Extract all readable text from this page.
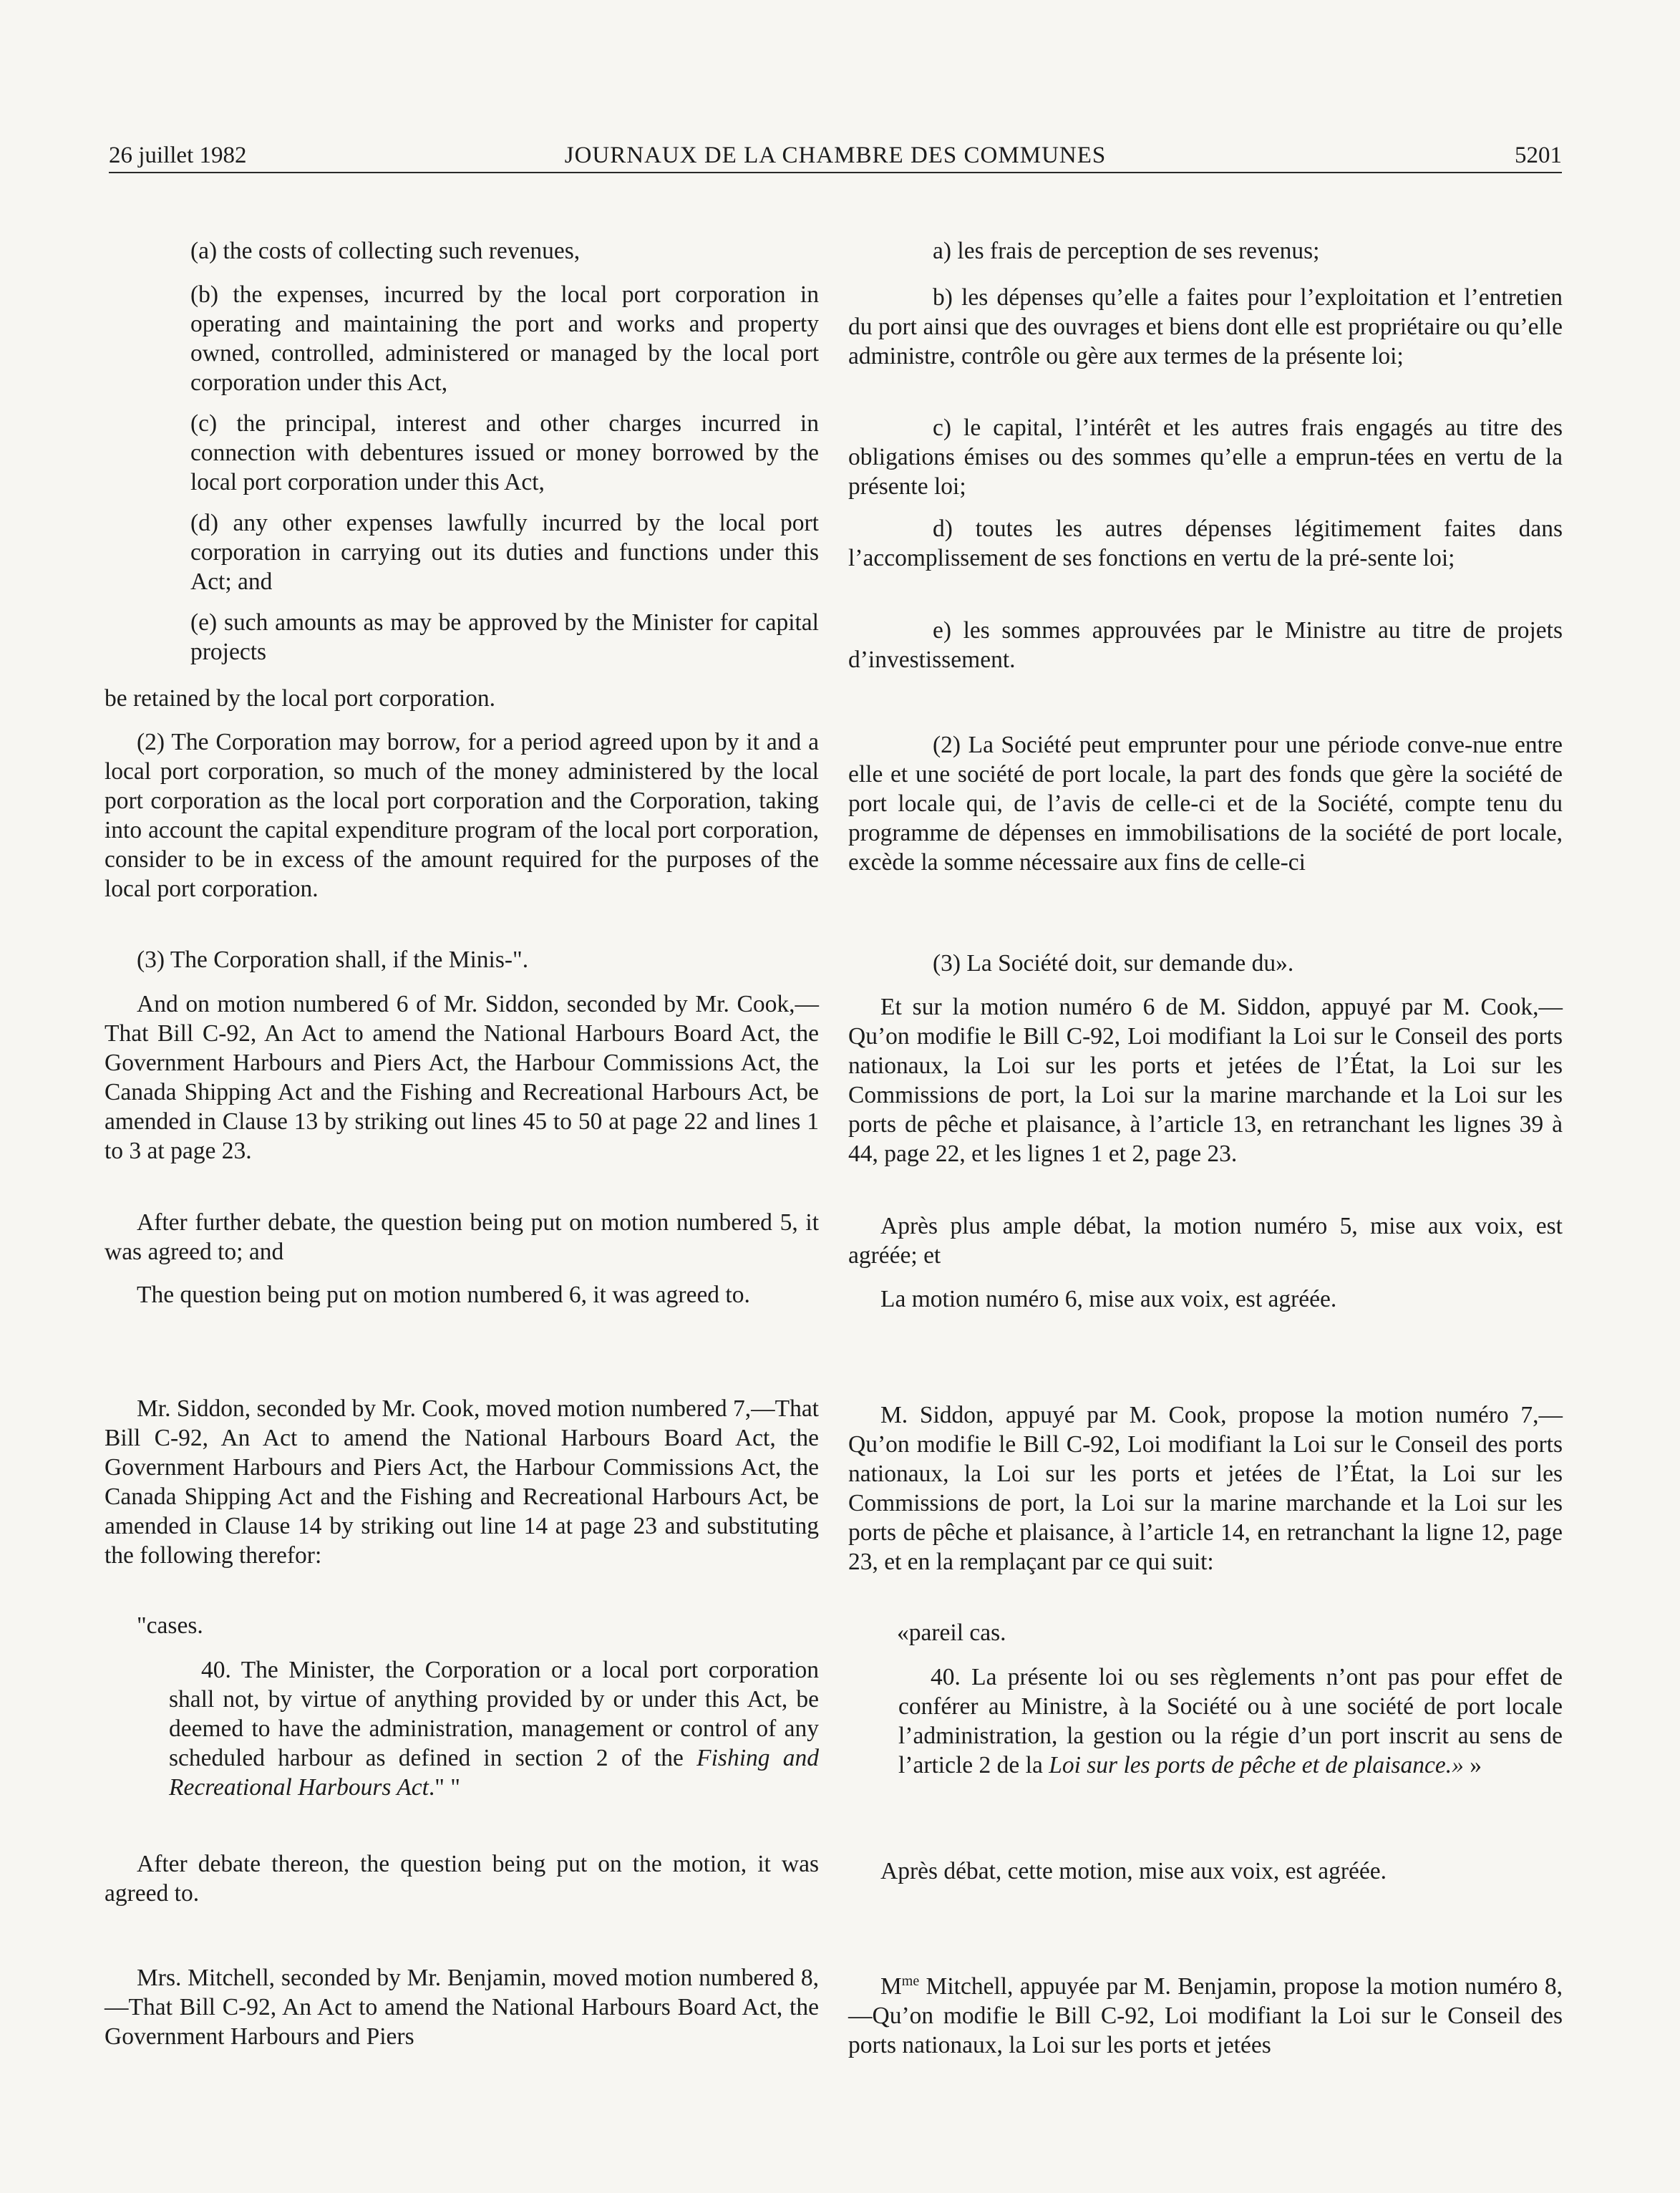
26 juillet 1982	JOURNAUX DE LA CHAMBRE DES COMMUNES	5201

(a) the costs of collecting such revenues,

(b) the expenses, incurred by the local port corporation in operating and maintaining the port and works and property owned, controlled, administered or managed by the local port corporation under this Act,

(c) the principal, interest and other charges incurred in connection with debentures issued or money borrowed by the local port corporation under this Act,

(d) any other expenses lawfully incurred by the local port corporation in carrying out its duties and functions under this Act; and

(e) such amounts as may be approved by the Minister for capital projects

be retained by the local port corporation.

(2) The Corporation may borrow, for a period agreed upon by it and a local port corporation, so much of the money administered by the local port corporation as the local port corporation and the Corporation, taking into account the capital expenditure program of the local port corporation, consider to be in excess of the amount required for the purposes of the local port corporation.

(3) The Corporation shall, if the Minis-".

And on motion numbered 6 of Mr. Siddon, seconded by Mr. Cook,—That Bill C-92, An Act to amend the National Harbours Board Act, the Government Harbours and Piers Act, the Harbour Commissions Act, the Canada Shipping Act and the Fishing and Recreational Harbours Act, be amended in Clause 13 by striking out lines 45 to 50 at page 22 and lines 1 to 3 at page 23.

After further debate, the question being put on motion numbered 5, it was agreed to; and

The question being put on motion numbered 6, it was agreed to.

Mr. Siddon, seconded by Mr. Cook, moved motion numbered 7,—That Bill C-92, An Act to amend the National Harbours Board Act, the Government Harbours and Piers Act, the Harbour Commissions Act, the Canada Shipping Act and the Fishing and Recreational Harbours Act, be amended in Clause 14 by striking out line 14 at page 23 and substituting the following therefor:

"cases.

40. The Minister, the Corporation or a local port corporation shall not, by virtue of anything provided by or under this Act, be deemed to have the administration, management or control of any scheduled harbour as defined in section 2 of the Fishing and Recreational Harbours Act." "

After debate thereon, the question being put on the motion, it was agreed to.

Mrs. Mitchell, seconded by Mr. Benjamin, moved motion numbered 8,—That Bill C-92, An Act to amend the National Harbours Board Act, the Government Harbours and Piers

a) les frais de perception de ses revenus;

b) les dépenses qu’elle a faites pour l’exploitation et l’entretien du port ainsi que des ouvrages et biens dont elle est propriétaire ou qu’elle administre, contrôle ou gère aux termes de la présente loi;

c) le capital, l’intérêt et les autres frais engagés au titre des obligations émises ou des sommes qu’elle a emprun-tées en vertu de la présente loi;

d) toutes les autres dépenses légitimement faites dans l’accomplissement de ses fonctions en vertu de la pré-sente loi;

e) les sommes approuvées par le Ministre au titre de projets d’investissement.

(2) La Société peut emprunter pour une période conve-nue entre elle et une société de port locale, la part des fonds que gère la société de port locale qui, de l’avis de celle-ci et de la Société, compte tenu du programme de dépenses en immobilisations de la société de port locale, excède la somme nécessaire aux fins de celle-ci

(3) La Société doit, sur demande du».

Et sur la motion numéro 6 de M. Siddon, appuyé par M. Cook,—Qu’on modifie le Bill C-92, Loi modifiant la Loi sur le Conseil des ports nationaux, la Loi sur les ports et jetées de l’État, la Loi sur les Commissions de port, la Loi sur la marine marchande et la Loi sur les ports de pêche et plaisance, à l’article 13, en retranchant les lignes 39 à 44, page 22, et les lignes 1 et 2, page 23.

Après plus ample débat, la motion numéro 5, mise aux voix, est agréée; et

La motion numéro 6, mise aux voix, est agréée.

M. Siddon, appuyé par M. Cook, propose la motion numéro 7,—Qu’on modifie le Bill C-92, Loi modifiant la Loi sur le Conseil des ports nationaux, la Loi sur les ports et jetées de l’État, la Loi sur les Commissions de port, la Loi sur la marine marchande et la Loi sur les ports de pêche et plaisance, à l’article 14, en retranchant la ligne 12, page 23, et en la remplaçant par ce qui suit:

«pareil cas.

40. La présente loi ou ses règlements n’ont pas pour effet de conférer au Ministre, à la Société ou à une société de port locale l’administration, la gestion ou la régie d’un port inscrit au sens de l’article 2 de la Loi sur les ports de pêche et de plaisance.» »

Après débat, cette motion, mise aux voix, est agréée.

$M^{me}$ Mitchell, appuyée par M. Benjamin, propose la motion numéro 8,—Qu’on modifie le Bill C-92, Loi modifiant la Loi sur le Conseil des ports nationaux, la Loi sur les ports et jetées
